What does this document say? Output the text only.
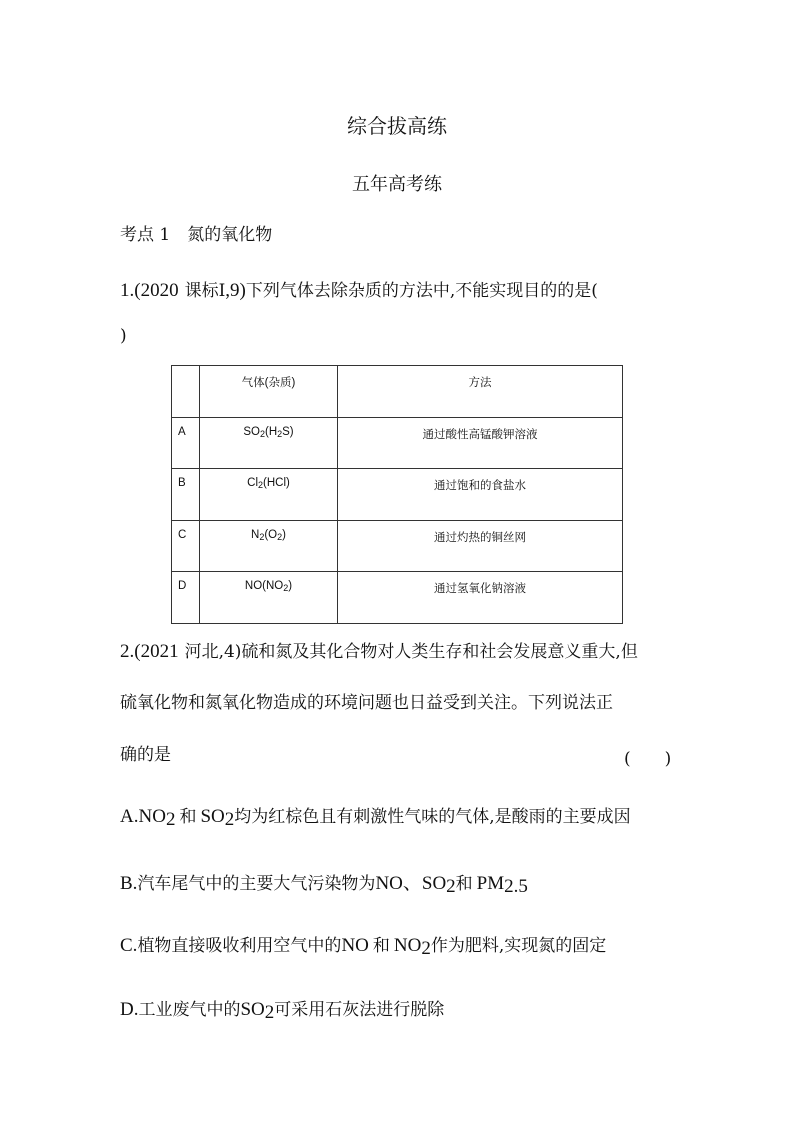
综合拔高练
五年高考练
考点 1　氮的氧化物
1.(2020 课标Ⅰ,9)下列气体去除杂质的方法中,不能实现目的的是(
)
	气体(杂质)	方法
A	$SO_2(H_2S)$	通过酸性高锰酸钾溶液
B	$Cl_2(HCl)$	通过饱和的食盐水
C	$N_2(O_2)$	通过灼热的铜丝网
D	$NO(NO_2)$	通过氢氧化钠溶液
2.(2021 河北,4)硫和氮及其化合物对人类生存和社会发展意义重大,但
硫氧化物和氮氧化物造成的环境问题也日益受到关注。下列说法正
确的是	(　　)
$A.NO_2$ 和 $SO_2$均为红棕色且有刺激性气味的气体,是酸雨的主要成因
B.汽车尾气中的主要大气污染物为NO、$SO_2$和 $PM_{2.5}$
C.植物直接吸收利用空气中的NO 和 $NO_2$作为肥料,实现氮的固定
D.工业废气中的$SO_2$可采用石灰法进行脱除
